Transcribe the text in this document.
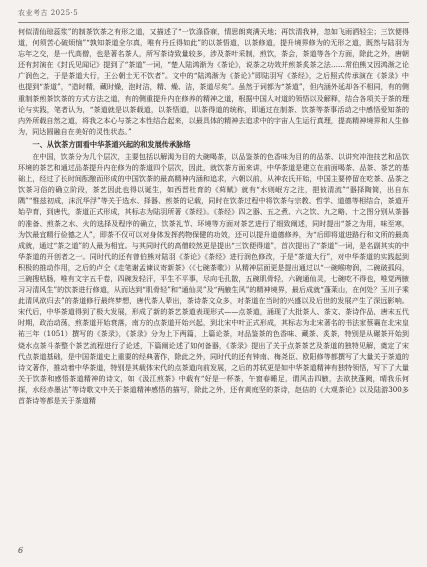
农业考古 2025·5

何似清仙琼蕊浆”的制茶饮茶之有形之道，又描述了“一饮涤昏寐，情思朗爽满天地；再饮清我神，忽如飞雨洒轻尘；三饮便得道，何须苦心破烦恼”“孰知茶道全尔真，唯有丹丘得如此”的以茶悟道，以茶修道，提升境界修为的无形之道，既然与陆羽为忘年之交，是一代高僧，也是著名茶人，所写茶诗致量较多，涉及茶叶采制，煎饮，茶会，茶道等各个方面，除此之外，唐朝还有封演在《封氏见闻记》提到了“茶道”一词，“楚人陆鸿渐为《茶论》，说茶之功效并煎茶炙茶之法……常伯熊又因鸿渐之论广润色之，于是茶道大行，王公朝士无不饮者”。文中的“陆鸿渐为《茶论》”即陆羽写《茶经》，之后照式传承演在《茶录》中也提到“茶道”，“造时精，藏时燥，泡时洁，精、燥、洁，茶道尽矣”。虽然于词都为“茶道”，但内涵外延却各不相同，有的侧重制茶煎茶饮茶的方式方法之道，有的侧重提升内在修养的精神之道，根据中国人对道的领悟以及解释，结合各项关于茶的理论与实践，笔者认为，“茶道就是以茶载道，以茶悟道，以茶得道的统称，即通过在制茶、饮茶等茶事活动之中感悟爱知茶的内外所载自然之道，将我之本心与茶之本性结合起来，以最具体的精神去追求中的宇宙人生运行真理，提高精神境界和人生修为，同达圆融自在美好的灵性状态。”

一、从饮茶方面看中华茶道兴起的和发展传承脉络

在中国，饮茶分为几个层次，主要包括以解渴为目的大碗喝茶，以品鉴茶的色香味为目的的品茶、以讲究冲泡技艺和品饮环境的茶艺和通过品茶提升内在修为的茶道四个层次，因此，就饮茶方面来讲，中华茶道是建立在前面喝茶、品茶、茶艺的基础上，经过了长时间酝酿而形成的中国饮茶的最高精神内涵和追求，六朝以前，从神农氏开始，中国主要停留在吃茶、品茶之饮茶习俗的确立阶段，茶艺因此也得以诞生，如西晋杜育的《荈赋》就有“水则岷方之注，挹彼清流”“器择陶简，出自东隅”“惟兹初成，沫沉华浮”等关于选水、择器、煎茶的记载，同时在饮茶过程中将饮茶与宗教、哲学、道德等相结合，茶道开始孕育，到唐代，茶道正式形成，其标志为陆羽所著《茶经》。《茶经》四之器、五之煮、六之饮、九之略、十之图分别从茶器的准备、煎茶之水、火的选择及程序的确立，饮茶礼节、环境等方面对茶艺进行了细致阐述，同时提出“茶之为用，味至寒，为饮最宜精行俭德之人”，即茶不仅可以对身体发挥药物保健的功效，还可以提升道德修养，为“后即将道进路行和文所的最高成就，通过“茶之道”的人最为相宜。与其同时代的高僧皎然更是提出“三饮便得道”，首次提出了“茶道”一词，是名副其实的中华茶道的开创者之一。同时代的还有曾伯熊对陆羽《茶论》《茶经》进行润色修改，于是“茶道大行”，对中华茶道的实践起到积极的推动作用，之后的卢仝《走笔谢孟谏议寄新茶》（《七碗茶歌》）从精神层面更是提出通过以“一碗喉吻润，二碗破孤闷，三碗搜枯肠，唯有文字五千卷，四碗发轻汗，平生不平事，尽向毛孔散，五碗肌骨轻，六碗通仙灵，七碗吃不得也，唯觉两腋习习清风生”的饮茶进行修道，从而达到“肌骨轻”和“通仙灵”及“两腋生风”的精神境界，最后成就“蓬莱山，在何处？玉川子乘此清风欲归去”的茶道修行最终梦想，唐代茶人辈出，茶诗茶文众多，对茶道在当时的兴盛以及后世的发展产生了深远影响。宋代后，中华茶道得到了极大发展，形成了新的茶艺茶道表现形式——点茶道，涌现了大批茶人、茶文、茶诗作品，唐末五代时期，政治动荡，煎茶道开始衰落，南方的点茶道开始兴起，到北宋中叶正式形成，其标志为北宋著名的书法家蔡襄在北宋皇祐三年（1051）撰写的《茶录》，《茶录》分为上下两篇，上篇论茶，对品鉴茶的色香味、藏茶、炙茶，特别是从碾茶开始到烧水点茶斗茶整个茶艺流程进行了论述，下篇阐论述了如何备器，《茶录》提出了关于点茶茶艺及茶道的独特见解，奠定了宋代点茶道基础，是中国茶道史上重要的经典著作，除此之外，同时代的还有钟南、梅尧臣、欧阳修等都撰写了大量关于茶道的诗文著作，推动着中华茶道，特别是其载体宋代的点茶道向前发展，之后的苏轼更是如中华茶道精神有独特领悟，写下了大量关于饮茶和感悟茶道精神的诗文，如《汲江煎茶》中载有“好是一杯茶，午窗春睡足，谓风击四腋，去欲挟蓬阙，晴我乐何探，水经赤墨沾”等诗歌文中关于茶道精神感悟的描写，除此之外，还有黄庭坚的茶诗，赵佶的《大观茶论》以及陆游300多首茶诗等都是关于茶道精

6
